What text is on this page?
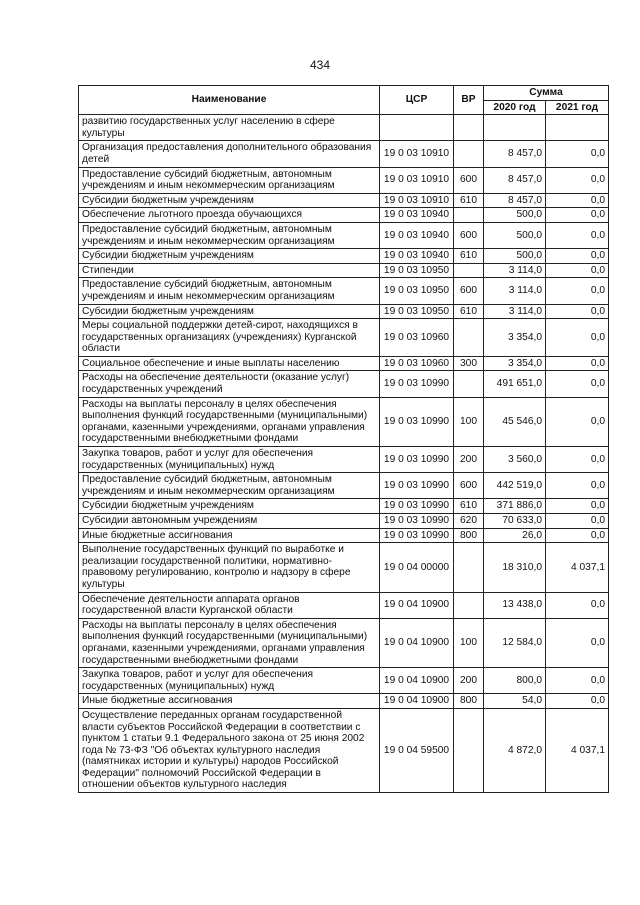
434
Наименование	ЦСР	ВР	Сумма	
			2020 год	2021 год
развитию государственных услуг населению в сфере культуры				
Организация предоставления дополнительного образования детей	19 0 03 10910		8 457,0	0,0
Предоставление субсидий бюджетным, автономным учреждениям и иным некоммерческим организациям	19 0 03 10910	600	8 457,0	0,0
Субсидии бюджетным учреждениям	19 0 03 10910	610	8 457,0	0,0
Обеспечение льготного проезда обучающихся	19 0 03 10940		500,0	0,0
Предоставление субсидий бюджетным, автономным учреждениям и иным некоммерческим организациям	19 0 03 10940	600	500,0	0,0
Субсидии бюджетным учреждениям	19 0 03 10940	610	500,0	0,0
Стипендии	19 0 03 10950		3 114,0	0,0
Предоставление субсидий бюджетным, автономным учреждениям и иным некоммерческим организациям	19 0 03 10950	600	3 114,0	0,0
Субсидии бюджетным учреждениям	19 0 03 10950	610	3 114,0	0,0
Меры социальной поддержки детей-сирот, находящихся в государственных организациях (учреждениях) Курганской области	19 0 03 10960		3 354,0	0,0
Социальное обеспечение и иные выплаты населению	19 0 03 10960	300	3 354,0	0,0
Расходы на обеспечение деятельности (оказание услуг) государственных учреждений	19 0 03 10990		491 651,0	0,0
Расходы на выплаты персоналу в целях обеспечения выполнения функций государственными (муниципальными) органами, казенными учреждениями, органами управления государственными внебюджетными фондами	19 0 03 10990	100	45 546,0	0,0
Закупка товаров, работ и услуг для обеспечения государственных (муниципальных) нужд	19 0 03 10990	200	3 560,0	0,0
Предоставление субсидий бюджетным, автономным учреждениям и иным некоммерческим организациям	19 0 03 10990	600	442 519,0	0,0
Субсидии бюджетным учреждениям	19 0 03 10990	610	371 886,0	0,0
Субсидии автономным учреждениям	19 0 03 10990	620	70 633,0	0,0
Иные бюджетные ассигнования	19 0 03 10990	800	26,0	0,0
Выполнение государственных функций по выработке и реализации государственной политики, нормативно-правовому регулированию, контролю и надзору в сфере культуры	19 0 04 00000		18 310,0	4 037,1
Обеспечение деятельности аппарата органов государственной власти Курганской области	19 0 04 10900		13 438,0	0,0
Расходы на выплаты персоналу в целях обеспечения выполнения функций государственными (муниципальными) органами, казенными учреждениями, органами управления государственными внебюджетными фондами	19 0 04 10900	100	12 584,0	0,0
Закупка товаров, работ и услуг для обеспечения государственных (муниципальных) нужд	19 0 04 10900	200	800,0	0,0
Иные бюджетные ассигнования	19 0 04 10900	800	54,0	0,0
Осуществление переданных органам государственной власти субъектов Российской Федерации в соответствии с пунктом 1 статьи 9.1 Федерального закона от 25 июня 2002 года № 73-ФЗ "Об объектах культурного наследия (памятниках истории и культуры) народов Российской Федерации" полномочий Российской Федерации в отношении объектов культурного наследия	19 0 04 59500		4 872,0	4 037,1
